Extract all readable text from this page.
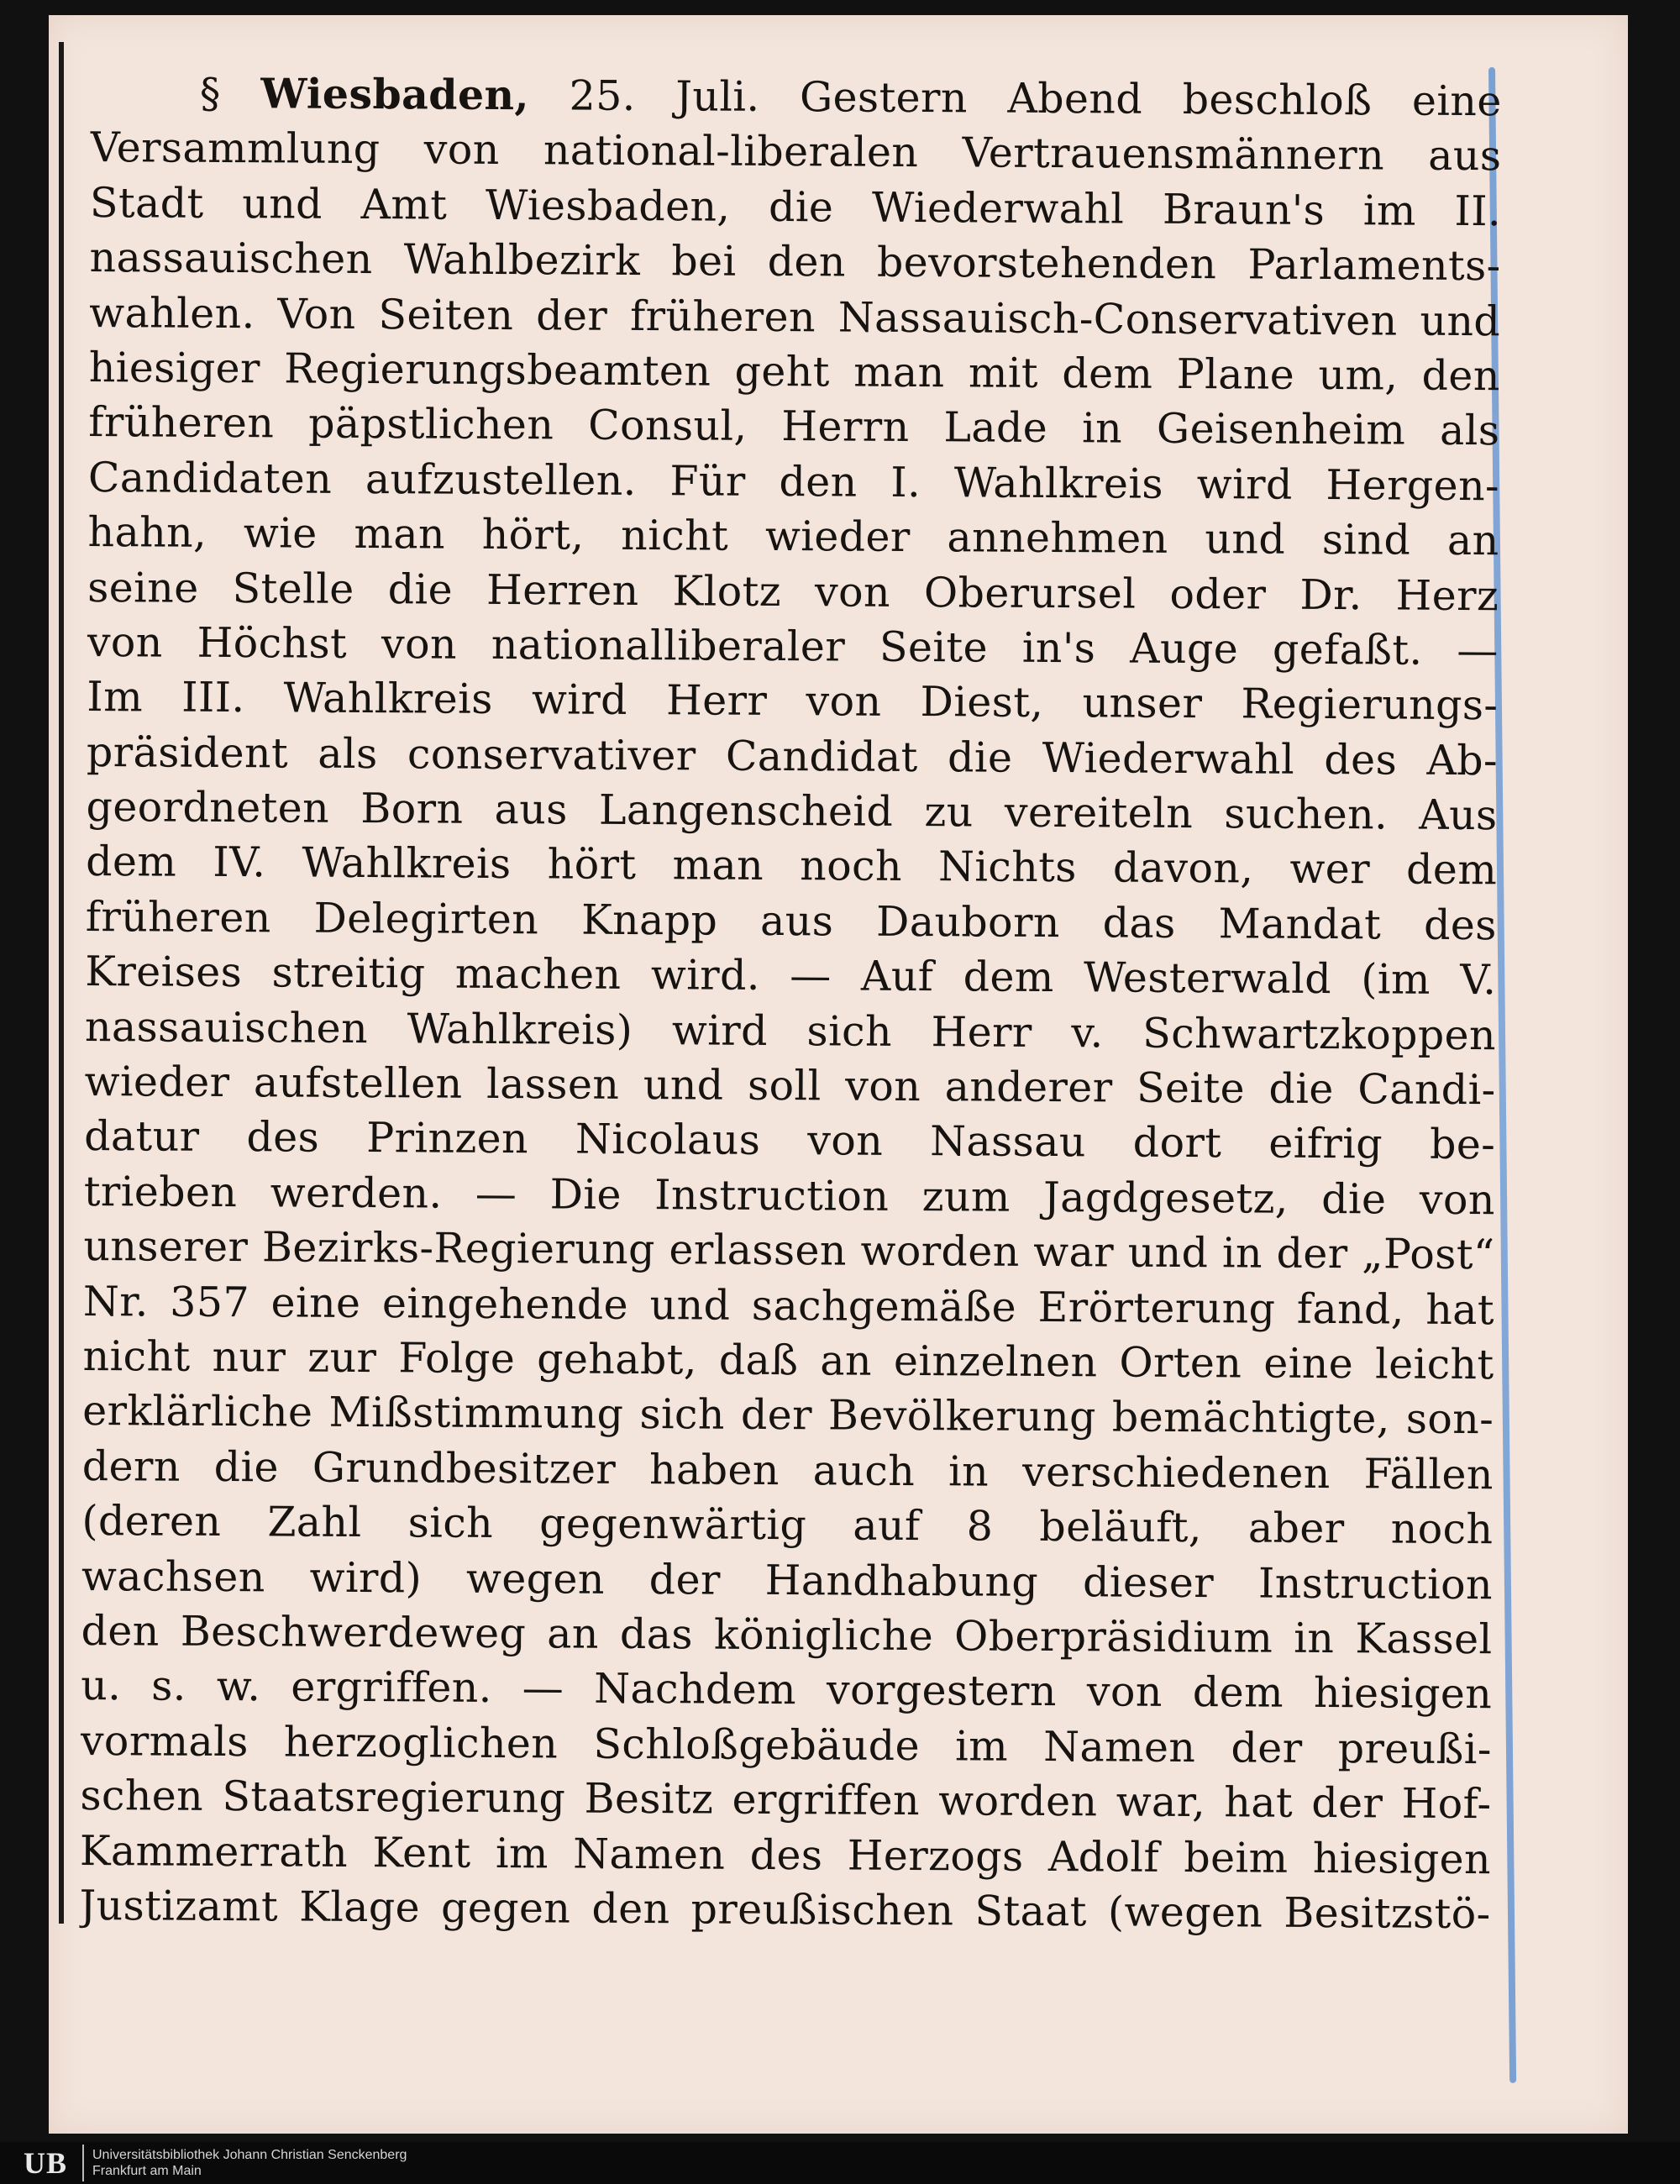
§ Wiesbaden, 25. Juli. Gestern Abend beschloß eine
Versammlung von national-liberalen Vertrauensmännern aus
Stadt und Amt Wiesbaden, die Wiederwahl Braun's im II.
nassauischen Wahlbezirk bei den bevorstehenden Parlaments-
wahlen. Von Seiten der früheren Nassauisch-Conservativen und
hiesiger Regierungsbeamten geht man mit dem Plane um, den
früheren päpstlichen Consul, Herrn Lade in Geisenheim als
Candidaten aufzustellen. Für den I. Wahlkreis wird Hergen-
hahn, wie man hört, nicht wieder annehmen und sind an
seine Stelle die Herren Klotz von Oberursel oder Dr. Herz
von Höchst von nationalliberaler Seite in's Auge gefaßt. —
Im III. Wahlkreis wird Herr von Diest, unser Regierungs-
präsident als conservativer Candidat die Wiederwahl des Ab-
geordneten Born aus Langenscheid zu vereiteln suchen. Aus
dem IV. Wahlkreis hört man noch Nichts davon, wer dem
früheren Delegirten Knapp aus Dauborn das Mandat des
Kreises streitig machen wird. — Auf dem Westerwald (im V.
nassauischen Wahlkreis) wird sich Herr v. Schwartzkoppen
wieder aufstellen lassen und soll von anderer Seite die Candi-
datur des Prinzen Nicolaus von Nassau dort eifrig be-
trieben werden. — Die Instruction zum Jagdgesetz, die von
unserer Bezirks-Regierung erlassen worden war und in der „Post“
Nr. 357 eine eingehende und sachgemäße Erörterung fand, hat
nicht nur zur Folge gehabt, daß an einzelnen Orten eine leicht
erklärliche Mißstimmung sich der Bevölkerung bemächtigte, son-
dern die Grundbesitzer haben auch in verschiedenen Fällen
(deren Zahl sich gegenwärtig auf 8 beläuft, aber noch
wachsen wird) wegen der Handhabung dieser Instruction
den Beschwerdeweg an das königliche Oberpräsidium in Kassel
u. s. w. ergriffen. — Nachdem vorgestern von dem hiesigen
vormals herzoglichen Schloßgebäude im Namen der preußi-
schen Staatsregierung Besitz ergriffen worden war, hat der Hof-
Kammerrath Kent im Namen des Herzogs Adolf beim hiesigen
Justizamt Klage gegen den preußischen Staat (wegen Besitzstö-
UB	Universitätsbibliothek Johann Christian Senckenberg
Frankfurt am Main
